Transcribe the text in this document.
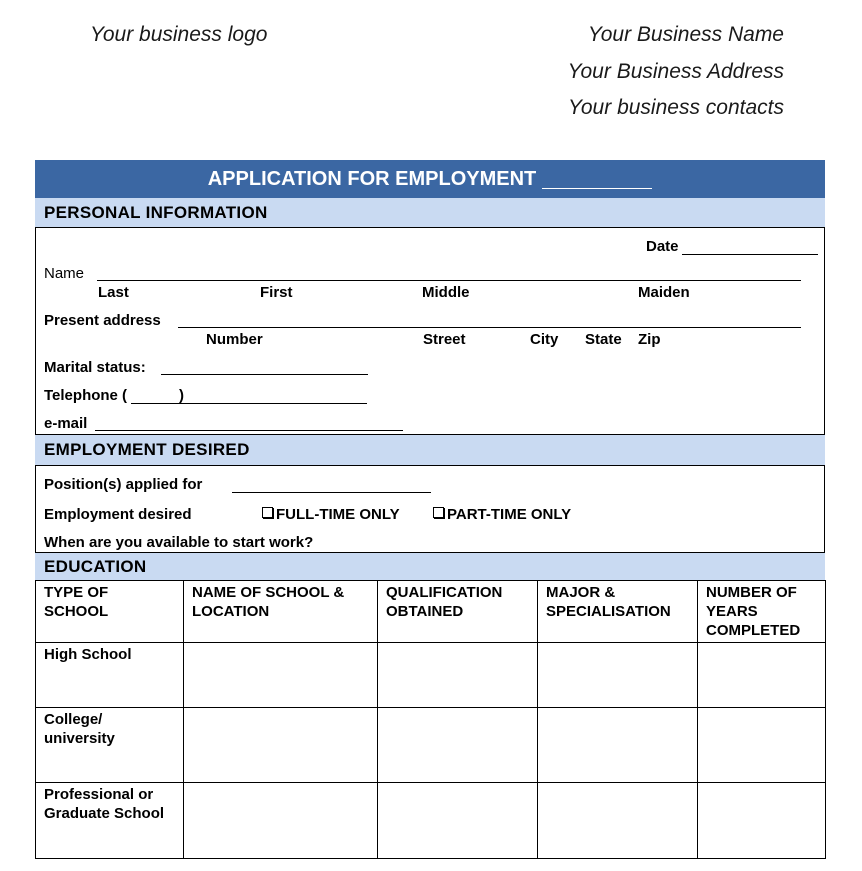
Your business logo	Your Business Name
Your Business Address
Your business contacts
APPLICATION FOR EMPLOYMENT
PERSONAL INFORMATION
Date
Name
Last	First	Middle	Maiden
Present address
Number	Street	City State Zip
Marital status:
Telephone (	)
e-mail
EMPLOYMENT DESIRED
Position(s) applied for
Employment desired	FULL-TIME ONLY	PART-TIME ONLY
When are you available to start work?
EDUCATION
TYPE OF SCHOOL	NAME OF SCHOOL & LOCATION	QUALIFICATION OBTAINED	MAJOR & SPECIALISATION	NUMBER OF YEARS COMPLETED
High School				
College/ university				
Professional or Graduate School				
